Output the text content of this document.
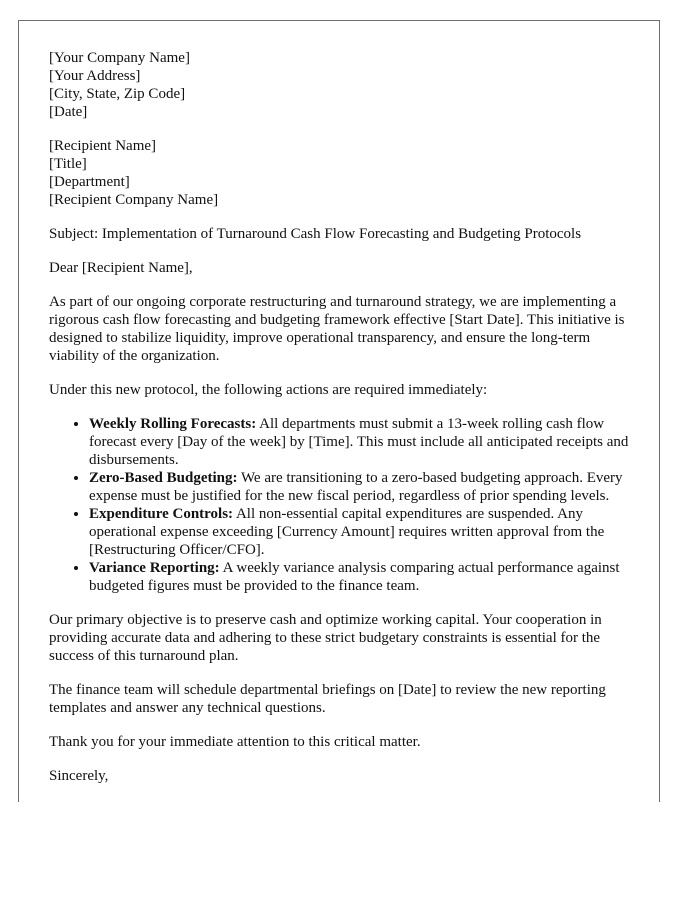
[Your Company Name]
[Your Address]
[City, State, Zip Code]
[Date]
[Recipient Name]
[Title]
[Department]
[Recipient Company Name]

Subject: Implementation of Turnaround Cash Flow Forecasting and Budgeting Protocols

Dear [Recipient Name],

As part of our ongoing corporate restructuring and turnaround strategy, we are implementing a rigorous cash flow forecasting and budgeting framework effective [Start Date]. This initiative is designed to stabilize liquidity, improve operational transparency, and ensure the long-term viability of the organization.

Under this new protocol, the following actions are required immediately:

• Weekly Rolling Forecasts: All departments must submit a 13-week rolling cash flow forecast every [Day of the week] by [Time]. This must include all anticipated receipts and disbursements.
• Zero-Based Budgeting: We are transitioning to a zero-based budgeting approach. Every expense must be justified for the new fiscal period, regardless of prior spending levels.
• Expenditure Controls: All non-essential capital expenditures are suspended. Any operational expense exceeding [Currency Amount] requires written approval from the [Restructuring Officer/CFO].
• Variance Reporting: A weekly variance analysis comparing actual performance against budgeted figures must be provided to the finance team.

Our primary objective is to preserve cash and optimize working capital. Your cooperation in providing accurate data and adhering to these strict budgetary constraints is essential for the success of this turnaround plan.

The finance team will schedule departmental briefings on [Date] to review the new reporting templates and answer any technical questions.

Thank you for your immediate attention to this critical matter.

Sincerely,
